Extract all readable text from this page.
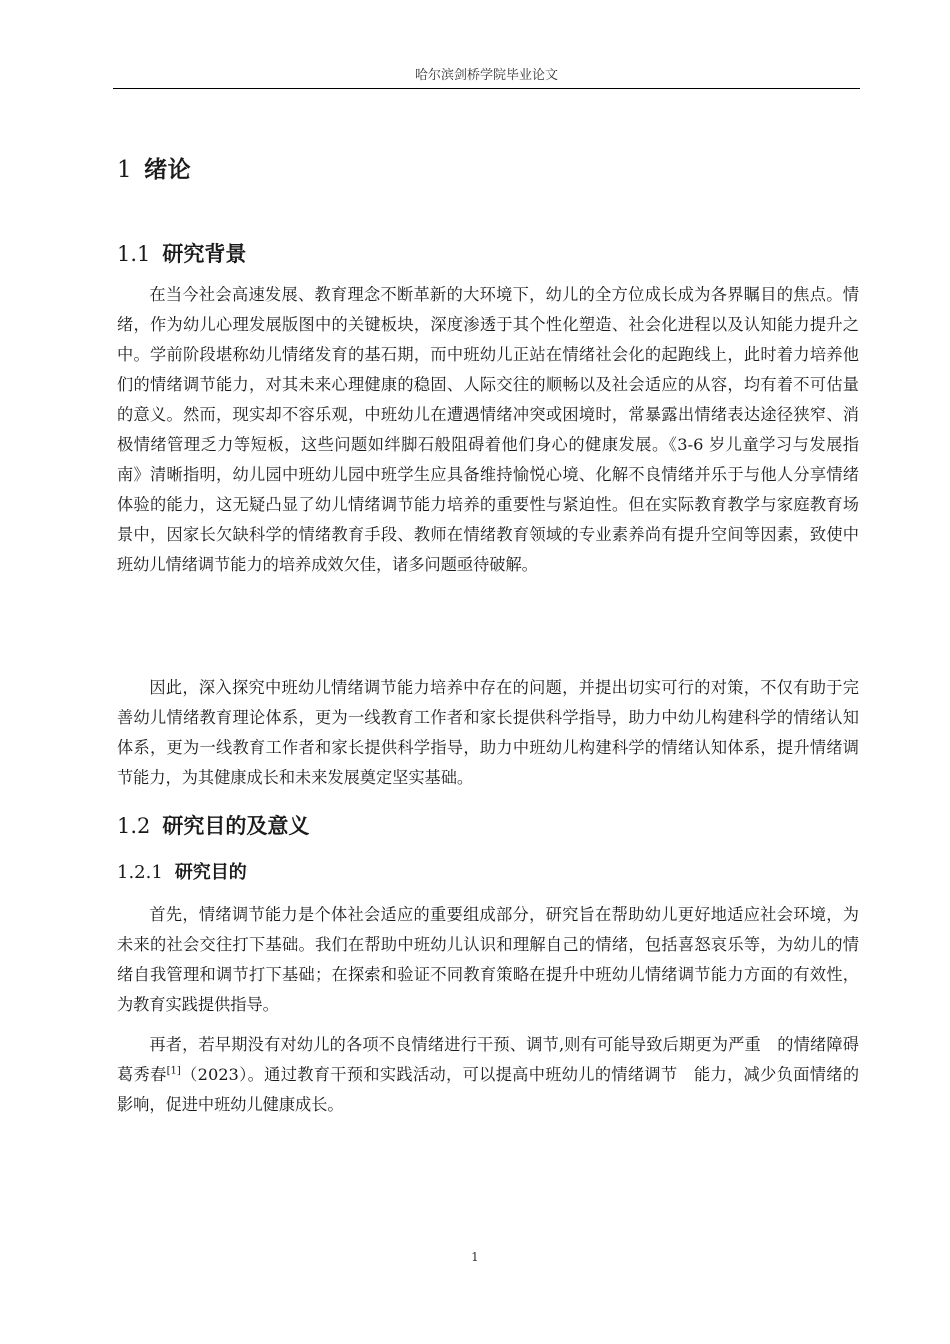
哈尔滨剑桥学院毕业论文
1 绪论
1.1 研究背景

在当今社会高速发展、教育理念不断革新的大环境下，幼儿的全方位成长成为各界瞩目的焦点。情绪，作为幼儿心理发展版图中的关键板块，深度渗透于其个性化塑造、社会化进程以及认知能力提升之中。学前阶段堪称幼儿情绪发育的基石期，而中班幼儿正站在情绪社会化的起跑线上，此时着力培养他们的情绪调节能力，对其未来心理健康的稳固、人际交往的顺畅以及社会适应的从容，均有着不可估量的意义。然而，现实却不容乐观，中班幼儿在遭遇情绪冲突或困境时，常暴露出情绪表达途径狭窄、消极情绪管理乏力等短板，这些问题如绊脚石般阻碍着他们身心的健康发展。《3-6 岁儿童学习与发展指南》清晰指明，幼儿园中班幼儿园中班学生应具备维持愉悦心境、化解不良情绪并乐于与他人分享情绪体验的能力，这无疑凸显了幼儿情绪调节能力培养的重要性与紧迫性。但在实际教育教学与家庭教育场景中，因家长欠缺科学的情绪教育手段、教师在情绪教育领域的专业素养尚有提升空间等因素，致使中班幼儿情绪调节能力的培养成效欠佳，诸多问题亟待破解。

因此，深入探究中班幼儿情绪调节能力培养中存在的问题，并提出切实可行的对策，不仅有助于完善幼儿情绪教育理论体系，更为一线教育工作者和家长提供科学指导，助力中幼儿构建科学的情绪认知体系，更为一线教育工作者和家长提供科学指导，助力中班幼儿构建科学的情绪认知体系，提升情绪调节能力，为其健康成长和未来发展奠定坚实基础。

1.2 研究目的及意义
1.2.1 研究目的

首先，情绪调节能力是个体社会适应的重要组成部分，研究旨在帮助幼儿更好地适应社会环境，为未来的社会交往打下基础。我们在帮助中班幼儿认识和理解自己的情绪，包括喜怒哀乐等，为幼儿的情绪自我管理和调节打下基础；在探索和验证不同教育策略在提升中班幼儿情绪调节能力方面的有效性，为教育实践提供指导。

再者，若早期没有对幼儿的各项不良情绪进行干预、调节,则有可能导致后期更为严重　的情绪障碍葛秀春[1]（2023）。通过教育干预和实践活动，可以提高中班幼儿的情绪调节　能力，减少负面情绪的影响，促进中班幼儿健康成长。

1
